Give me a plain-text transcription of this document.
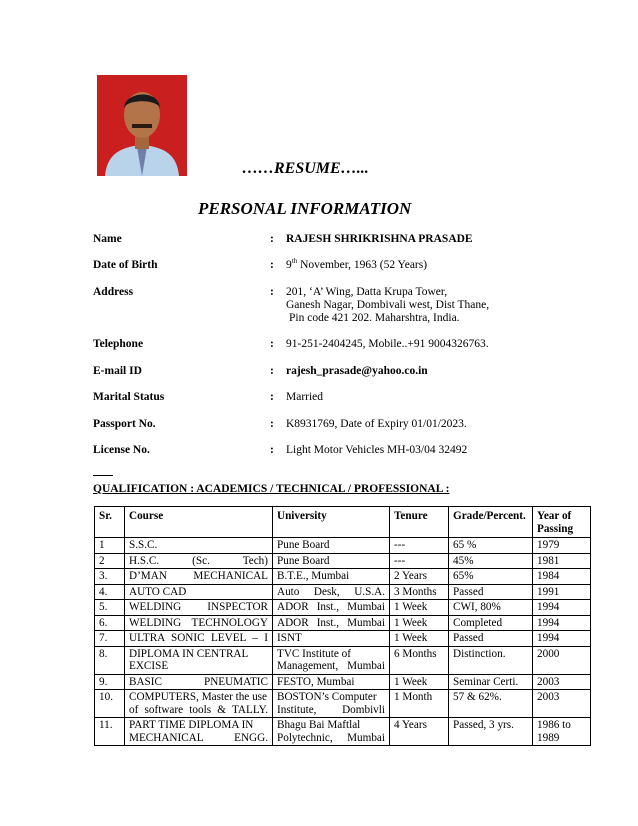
……RESUME…...
PERSONAL INFORMATION
Name	: RAJESH SHRIKRISHNA PRASADE
Date of Birth	: 9th November, 1963 (52 Years)
Address	: 201, ‘A’ Wing, Datta Krupa Tower,
Ganesh Nagar, Dombivali west, Dist Thane,
Pin code 421 202. Maharshtra, India.
Telephone	: 91-251-2404245, Mobile..+91 9004326763.
E-mail ID	: rajesh_prasade@yahoo.co.in
Marital Status	: Married
Passport No.	: K8931769, Date of Expiry 01/01/2023.
License No.	: Light Motor Vehicles MH-03/04 32492
QUALIFICATION : ACADEMICS / TECHNICAL / PROFESSIONAL :
Sr.	Course	University	Tenure	Grade/Percent.	Year of Passing
1	S.S.C.	Pune Board	---	65 %	1979
2	H.S.C. (Sc. Tech)	Pune Board	---	45%	1981
3.	D’MAN MECHANICAL	B.T.E., Mumbai	2 Years	65%	1984
4.	AUTO CAD	Auto Desk, U.S.A.	3 Months	Passed	1991
5.	WELDING INSPECTOR	ADOR Inst., Mumbai	1 Week	CWI, 80%	1994
6.	WELDING TECHNOLOGY	ADOR Inst., Mumbai	1 Week	Completed	1994
7.	ULTRA SONIC LEVEL – I	ISNT	1 Week	Passed	1994
8.	DIPLOMA IN CENTRAL EXCISE	TVC Institute of Management, Mumbai	6 Months	Distinction.	2000
9.	BASIC PNEUMATIC	FESTO, Mumbai	1 Week	Seminar Certi.	2003
10.	COMPUTERS, Master the use of software tools & TALLY.	BOSTON’s Computer Institute, Dombivli	1 Month	57 & 62%.	2003
11.	PART TIME DIPLOMA IN MECHANICAL ENGG.	Bhagu Bai Maftlal Polytechnic, Mumbai	4 Years	Passed, 3 yrs.	1986 to 1989
